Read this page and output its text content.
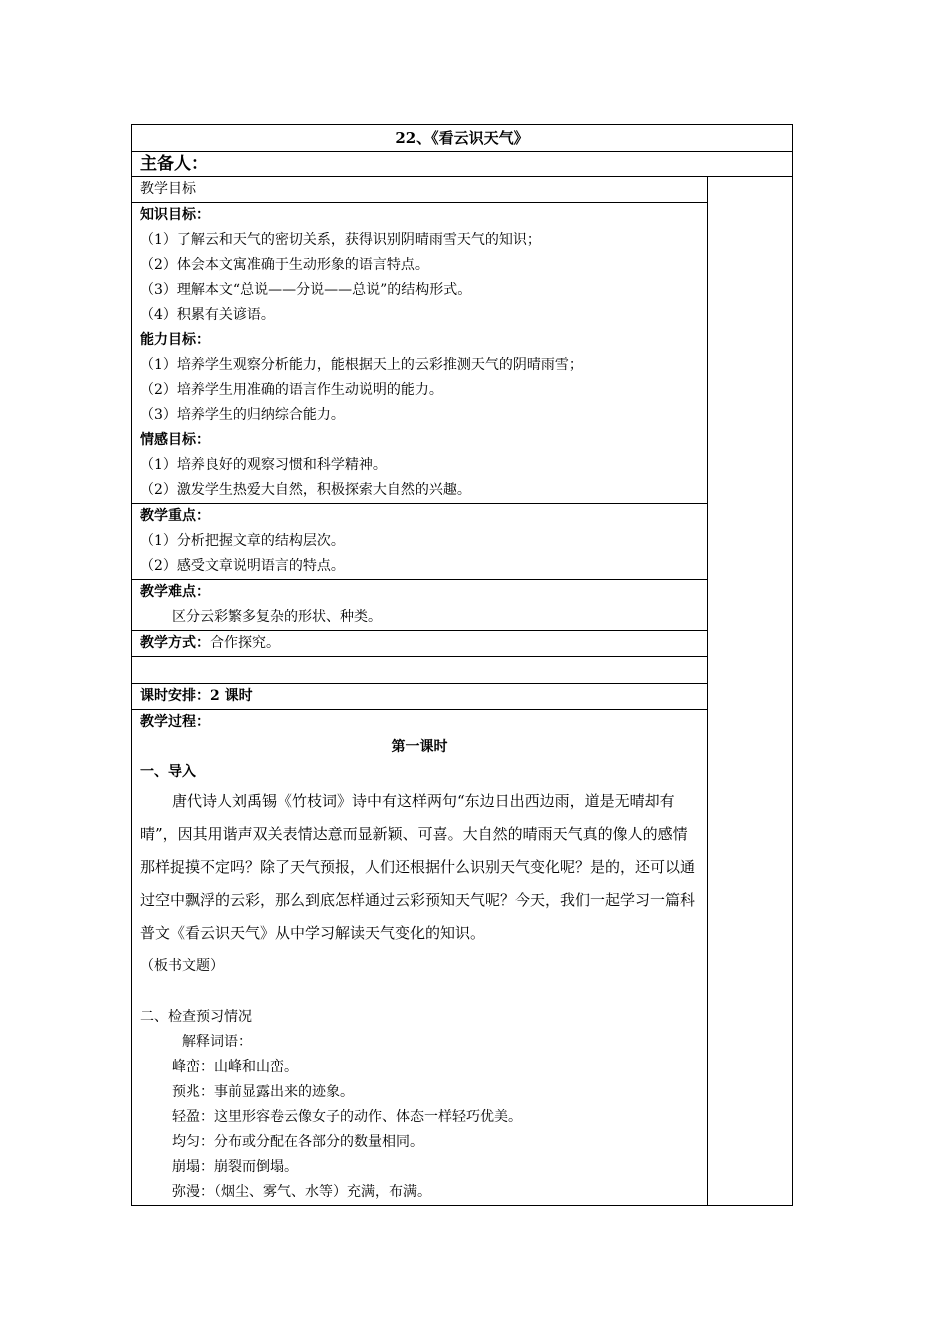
22、《看云识天气》
主备人：
教学目标	

知识目标：
（1）了解云和天气的密切关系，获得识别阴晴雨雪天气的知识；
（2）体会本文寓准确于生动形象的语言特点。
（3）理解本文“总说——分说——总说”的结构形式。
（4）积累有关谚语。
能力目标：
（1）培养学生观察分析能力，能根据天上的云彩推测天气的阴晴雨雪；
（2）培养学生用准确的语言作生动说明的能力。
（3）培养学生的归纳综合能力。
情感目标：
（1）培养良好的观察习惯和科学精神。
（2）激发学生热爱大自然，积极探索大自然的兴趣。

教学重点：
（1）分析把握文章的结构层次。
（2）感受文章说明语言的特点。

教学难点：
区分云彩繁多复杂的形状、种类。

教学方式：合作探究。

课时安排：2 课时

教学过程：
第一课时
一、导入
唐代诗人刘禹锡《竹枝词》诗中有这样两句“东边日出西边雨，道是无晴却有晴”，因其用谐声双关表情达意而显新颖、可喜。大自然的晴雨天气真的像人的感情那样捉摸不定吗？除了天气预报，人们还根据什么识别天气变化呢？是的，还可以通过空中飘浮的云彩，那么到底怎样通过云彩预知天气呢？今天，我们一起学习一篇科普文《看云识天气》从中学习解读天气变化的知识。
（板书文题）
二、检查预习情况
解释词语：
峰峦：山峰和山峦。
预兆：事前显露出来的迹象。
轻盈：这里形容卷云像女子的动作、体态一样轻巧优美。
均匀：分布或分配在各部分的数量相同。
崩塌：崩裂而倒塌。
弥漫：（烟尘、雾气、水等）充满，布满。
